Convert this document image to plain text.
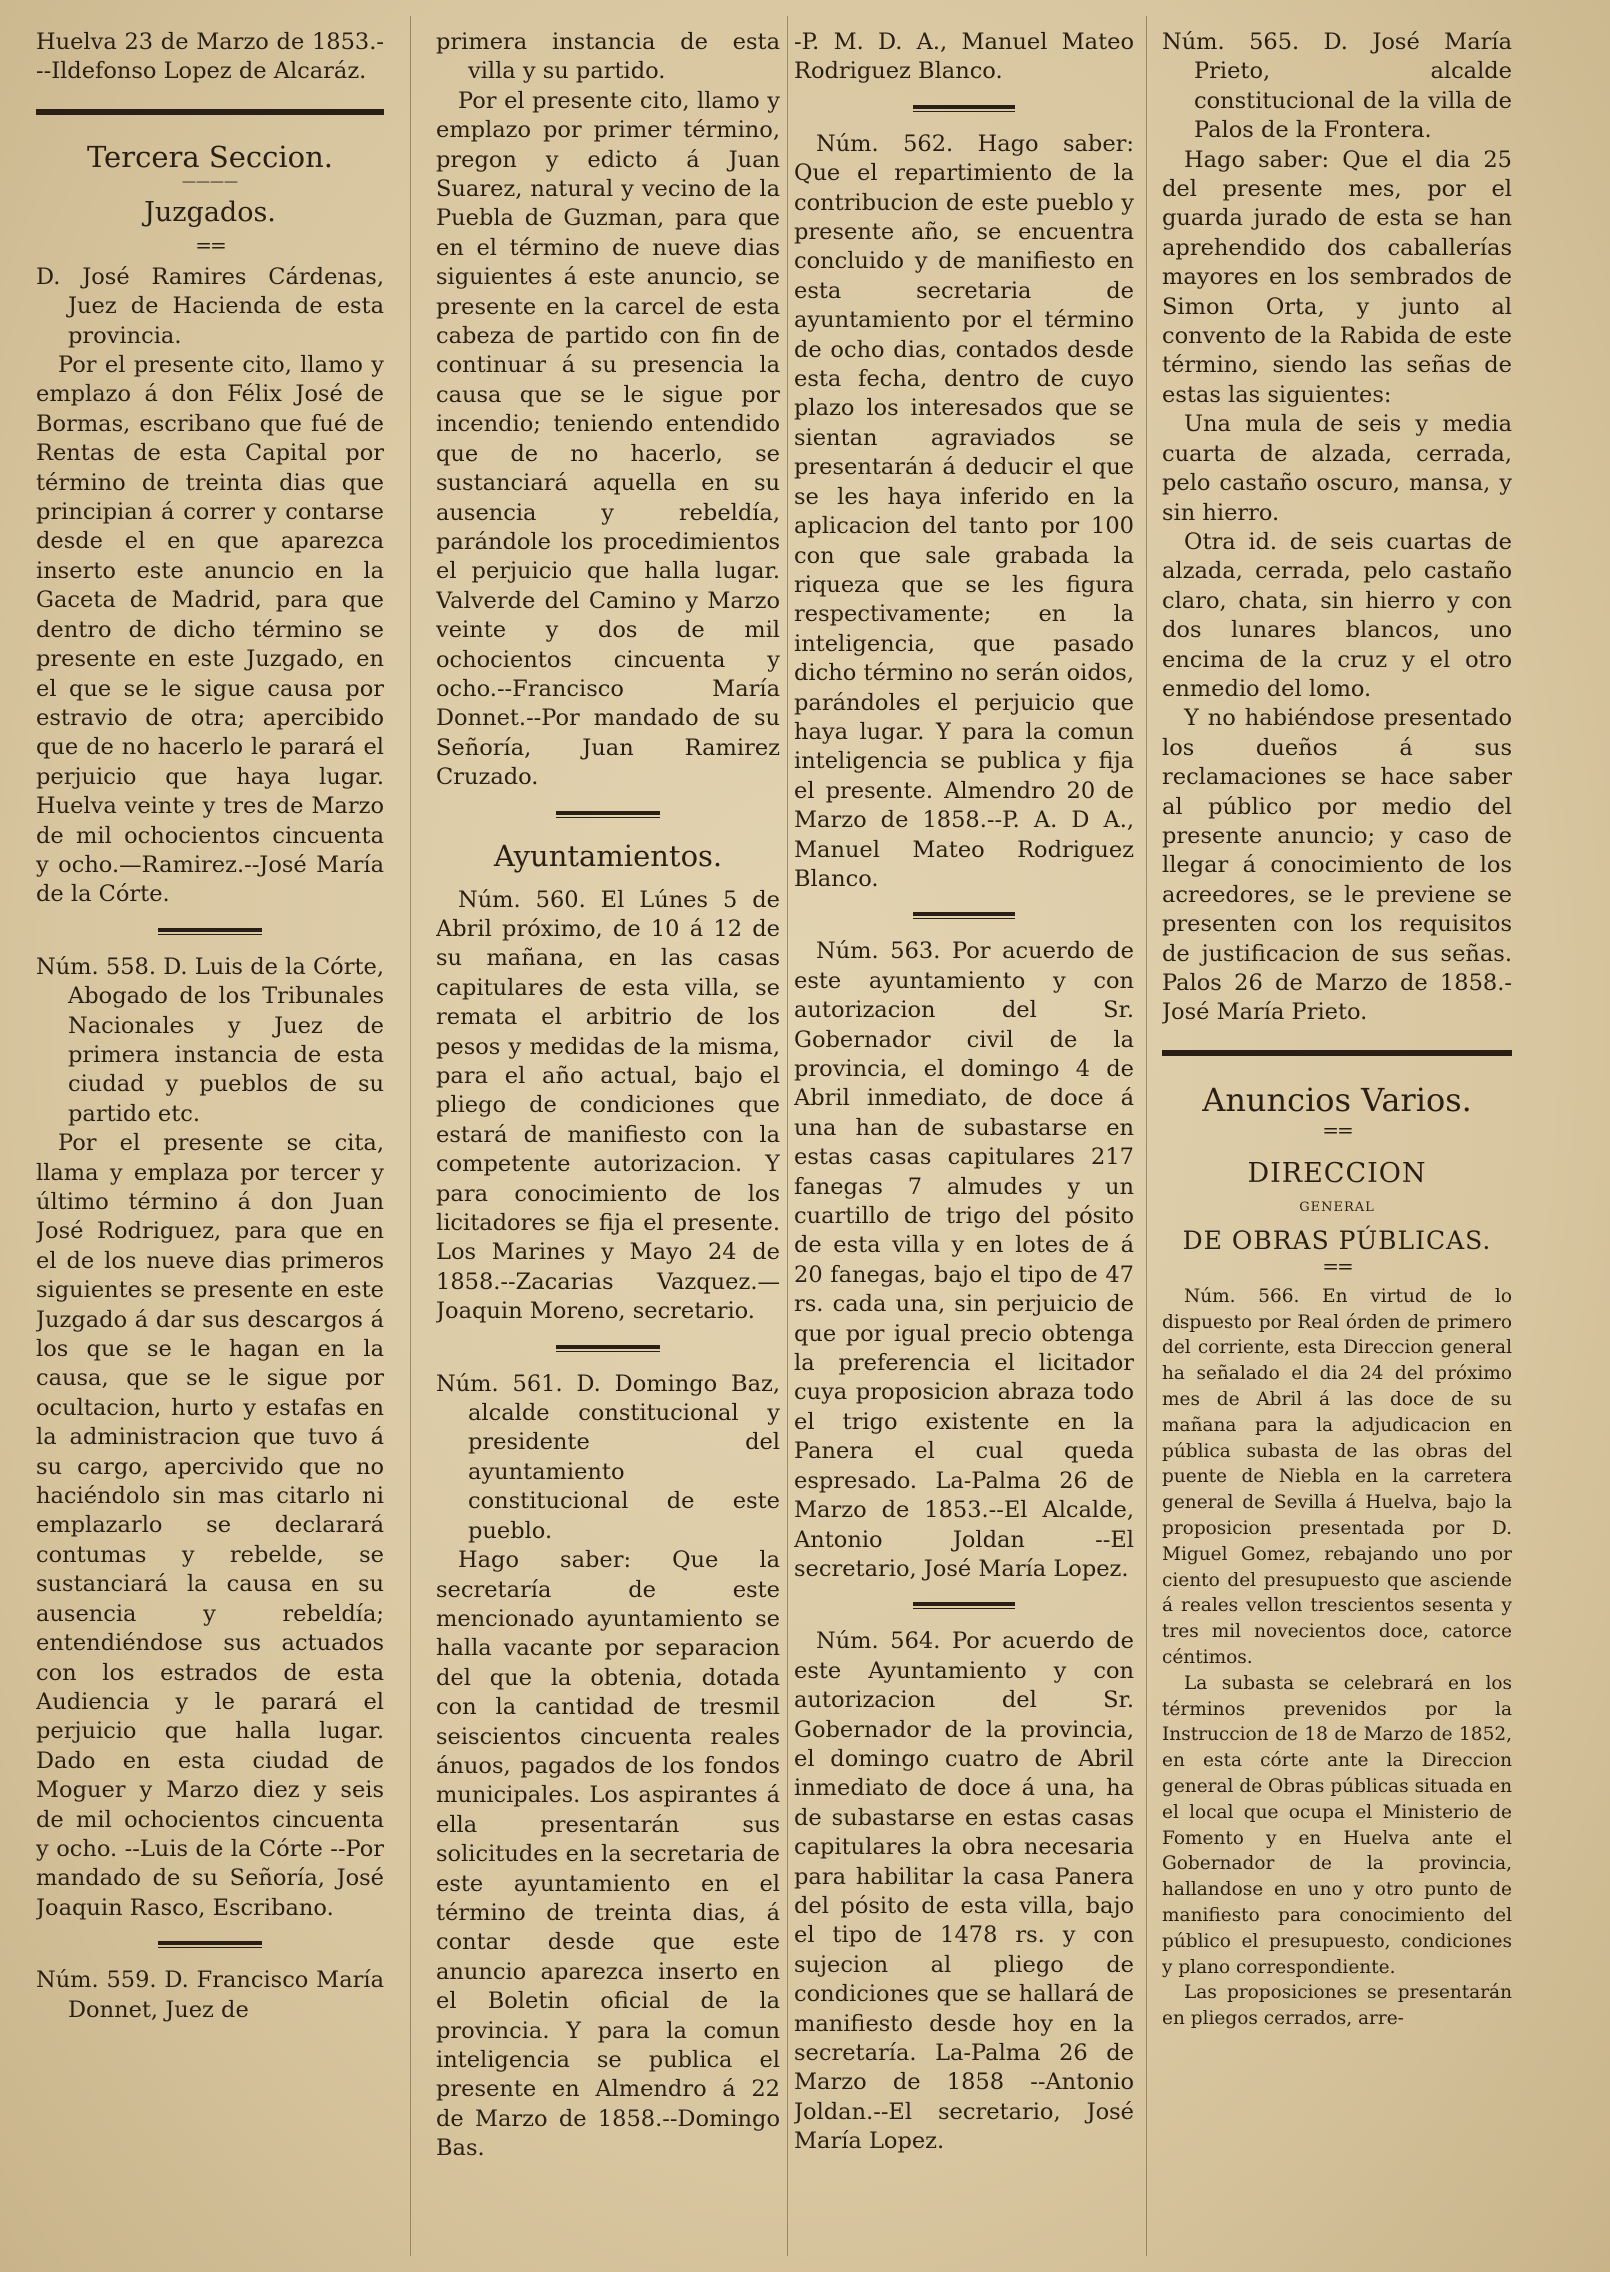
Huelva 23 de Marzo de 1853.---Ildefonso Lopez de Alcaráz.

Tercera Seccion.

————

Juzgados.

==

D. José Ramires Cárdenas, Juez de Hacienda de esta provincia.

Por el presente cito, llamo y emplazo á don Félix José de Bormas, escribano que fué de Rentas de esta Capital por término de treinta dias que principian á correr y contarse desde el en que aparezca inserto este anuncio en la Gaceta de Madrid, para que dentro de dicho término se presente en este Juzgado, en el que se le sigue causa por estravio de otra; apercibido que de no hacerlo le parará el perjuicio que haya lugar. Huelva veinte y tres de Marzo de mil ochocientos cincuenta y ocho.—Ramirez.--José María de la Córte.

Núm. 558. D. Luis de la Córte, Abogado de los Tribunales Nacionales y Juez de primera instancia de esta ciudad y pueblos de su partido etc.

Por el presente se cita, llama y emplaza por tercer y último término á don Juan José Rodriguez, para que en el de los nueve dias primeros siguientes se presente en este Juzgado á dar sus descargos á los que se le hagan en la causa, que se le sigue por ocultacion, hurto y estafas en la administracion que tuvo á su cargo, apercivido que no haciéndolo sin mas citarlo ni emplazarlo se declarará contumas y rebelde, se sustanciará la causa en su ausencia y rebeldía; entendiéndose sus actuados con los estrados de esta Audiencia y le parará el perjuicio que halla lugar. Dado en esta ciudad de Moguer y Marzo diez y seis de mil ochocientos cincuenta y ocho. --Luis de la Córte --Por mandado de su Señoría, José Joaquin Rasco, Escribano.

Núm. 559. D. Francisco María Donnet, Juez de

primera instancia de esta villa y su partido.

Por el presente cito, llamo y emplazo por primer término, pregon y edicto á Juan Suarez, natural y vecino de la Puebla de Guzman, para que en el término de nueve dias siguientes á este anuncio, se presente en la carcel de esta cabeza de partido con fin de continuar á su presencia la causa que se le sigue por incendio; teniendo entendido que de no hacerlo, se sustanciará aquella en su ausencia y rebeldía, parándole los procedimientos el perjuicio que halla lugar. Valverde del Camino y Marzo veinte y dos de mil ochocientos cincuenta y ocho.--Francisco María Donnet.--Por mandado de su Señoría, Juan Ramirez Cruzado.

Ayuntamientos.

Núm. 560. El Lúnes 5 de Abril próximo, de 10 á 12 de su mañana, en las casas capitulares de esta villa, se remata el arbitrio de los pesos y medidas de la misma, para el año actual, bajo el pliego de condiciones que estará de manifiesto con la competente autorizacion. Y para conocimiento de los licitadores se fija el presente. Los Marines y Mayo 24 de 1858.--Zacarias Vazquez.—Joaquin Moreno, secretario.

Núm. 561. D. Domingo Baz, alcalde constitucional y presidente del ayuntamiento constitucional de este pueblo.

Hago saber: Que la secretaría de este mencionado ayuntamiento se halla vacante por separacion del que la obtenia, dotada con la cantidad de tresmil seiscientos cincuenta reales ánuos, pagados de los fondos municipales. Los aspirantes á ella presentarán sus solicitudes en la secretaria de este ayuntamiento en el término de treinta dias, á contar desde que este anuncio aparezca inserto en el Boletin oficial de la provincia. Y para la comun inteligencia se publica el presente en Almendro á 22 de Marzo de 1858.--Domingo Bas.

-P. M. D. A., Manuel Mateo Rodriguez Blanco.

Núm. 562. Hago saber: Que el repartimiento de la contribucion de este pueblo y presente año, se encuentra concluido y de manifiesto en esta secretaria de ayuntamiento por el término de ocho dias, contados desde esta fecha, dentro de cuyo plazo los interesados que se sientan agraviados se presentarán á deducir el que se les haya inferido en la aplicacion del tanto por 100 con que sale grabada la riqueza que se les figura respectivamente; en la inteligencia, que pasado dicho término no serán oidos, parándoles el perjuicio que haya lugar. Y para la comun inteligencia se publica y fija el presente. Almendro 20 de Marzo de 1858.--P. A. D A., Manuel Mateo Rodriguez Blanco.

Núm. 563. Por acuerdo de este ayuntamiento y con autorizacion del Sr. Gobernador civil de la provincia, el domingo 4 de Abril inmediato, de doce á una han de subastarse en estas casas capitulares 217 fanegas 7 almudes y un cuartillo de trigo del pósito de esta villa y en lotes de á 20 fanegas, bajo el tipo de 47 rs. cada una, sin perjuicio de que por igual precio obtenga la preferencia el licitador cuya proposicion abraza todo el trigo existente en la Panera el cual queda espresado. La-Palma 26 de Marzo de 1853.--El Alcalde, Antonio Joldan --El secretario, José María Lopez.

Núm. 564. Por acuerdo de este Ayuntamiento y con autorizacion del Sr. Gobernador de la provincia, el domingo cuatro de Abril inmediato de doce á una, ha de subastarse en estas casas capitulares la obra necesaria para habilitar la casa Panera del pósito de esta villa, bajo el tipo de 1478 rs. y con sujecion al pliego de condiciones que se hallará de manifiesto desde hoy en la secretaría. La-Palma 26 de Marzo de 1858 --Antonio Joldan.--El secretario, José María Lopez.

Núm. 565. D. José María Prieto, alcalde constitucional de la villa de Palos de la Frontera.

Hago saber: Que el dia 25 del presente mes, por el guarda jurado de esta se han aprehendido dos caballerías mayores en los sembrados de Simon Orta, y junto al convento de la Rabida de este término, siendo las señas de estas las siguientes:

Una mula de seis y media cuarta de alzada, cerrada, pelo castaño oscuro, mansa, y sin hierro.

Otra id. de seis cuartas de alzada, cerrada, pelo castaño claro, chata, sin hierro y con dos lunares blancos, uno encima de la cruz y el otro enmedio del lomo.

Y no habiéndose presentado los dueños á sus reclamaciones se hace saber al público por medio del presente anuncio; y caso de llegar á conocimiento de los acreedores, se le previene se presenten con los requisitos de justificacion de sus señas. Palos 26 de Marzo de 1858.-José María Prieto.

Anuncios Varios.

==

DIRECCION

GENERAL

DE OBRAS PÚBLICAS.

==

Núm. 566. En virtud de lo dispuesto por Real órden de primero del corriente, esta Direccion general ha señalado el dia 24 del próximo mes de Abril á las doce de su mañana para la adjudicacion en pública subasta de las obras del puente de Niebla en la carretera general de Sevilla á Huelva, bajo la proposicion presentada por D. Miguel Gomez, rebajando uno por ciento del presupuesto que asciende á reales vellon trescientos sesenta y tres mil novecientos doce, catorce céntimos.

La subasta se celebrará en los términos prevenidos por la Instruccion de 18 de Marzo de 1852, en esta córte ante la Direccion general de Obras públicas situada en el local que ocupa el Ministerio de Fomento y en Huelva ante el Gobernador de la provincia, hallandose en uno y otro punto de manifiesto para conocimiento del público el presupuesto, condiciones y plano correspondiente.

Las proposiciones se presentarán en pliegos cerrados, arre-
